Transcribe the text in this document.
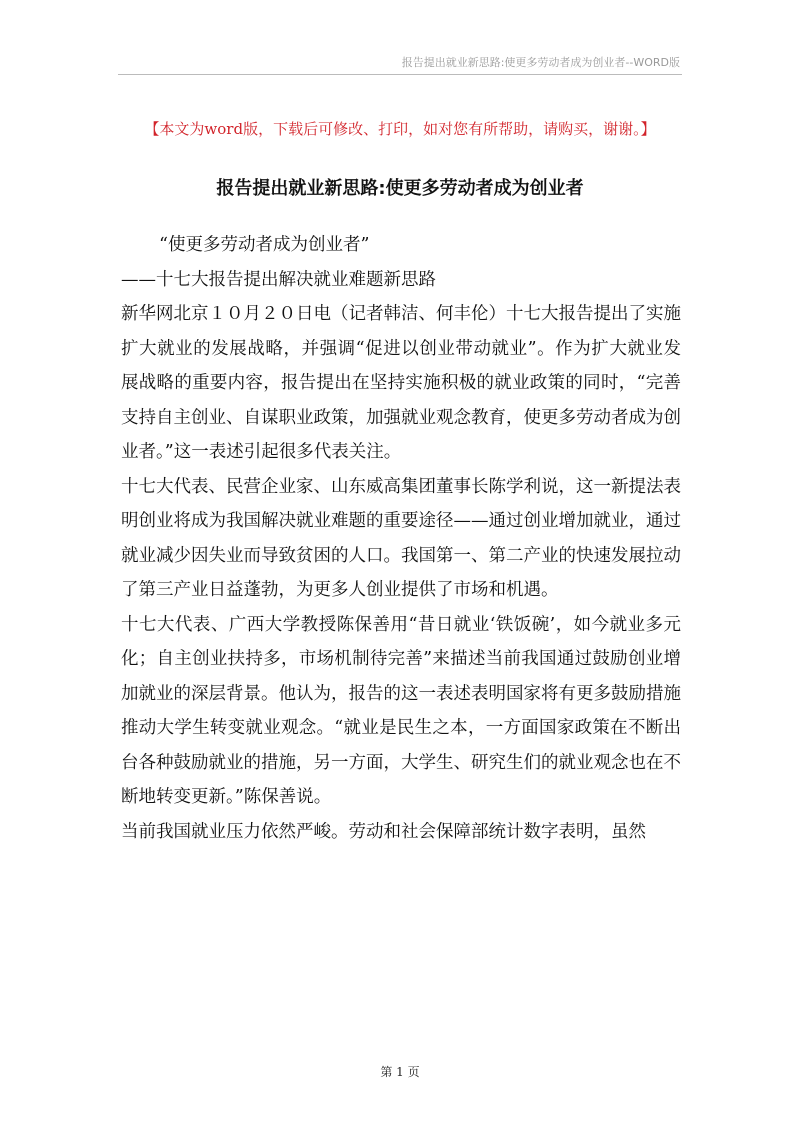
报告提出就业新思路:使更多劳动者成为创业者--WORD版
【本文为word版，下载后可修改、打印，如对您有所帮助，请购买，谢谢。】
报告提出就业新思路:使更多劳动者成为创业者

“使更多劳动者成为创业者”

——十七大报告提出解决就业难题新思路

新华网北京１０月２０日电（记者韩洁、何丰伦）十七大报告提出了实施扩大就业的发展战略，并强调“促进以创业带动就业”。作为扩大就业发展战略的重要内容，报告提出在坚持实施积极的就业政策的同时，“完善支持自主创业、自谋职业政策，加强就业观念教育，使更多劳动者成为创业者。”这一表述引起很多代表关注。

十七大代表、民营企业家、山东威高集团董事长陈学利说，这一新提法表明创业将成为我国解决就业难题的重要途径——通过创业增加就业，通过就业减少因失业而导致贫困的人口。我国第一、第二产业的快速发展拉动了第三产业日益蓬勃，为更多人创业提供了市场和机遇。

十七大代表、广西大学教授陈保善用“昔日就业‘铁饭碗’，如今就业多元化；自主创业扶持多，市场机制待完善”来描述当前我国通过鼓励创业增加就业的深层背景。他认为，报告的这一表述表明国家将有更多鼓励措施推动大学生转变就业观念。“就业是民生之本，一方面国家政策在不断出台各种鼓励就业的措施，另一方面，大学生、研究生们的就业观念也在不断地转变更新。”陈保善说。

当前我国就业压力依然严峻。劳动和社会保障部统计数字表明，虽然

第 1 页
